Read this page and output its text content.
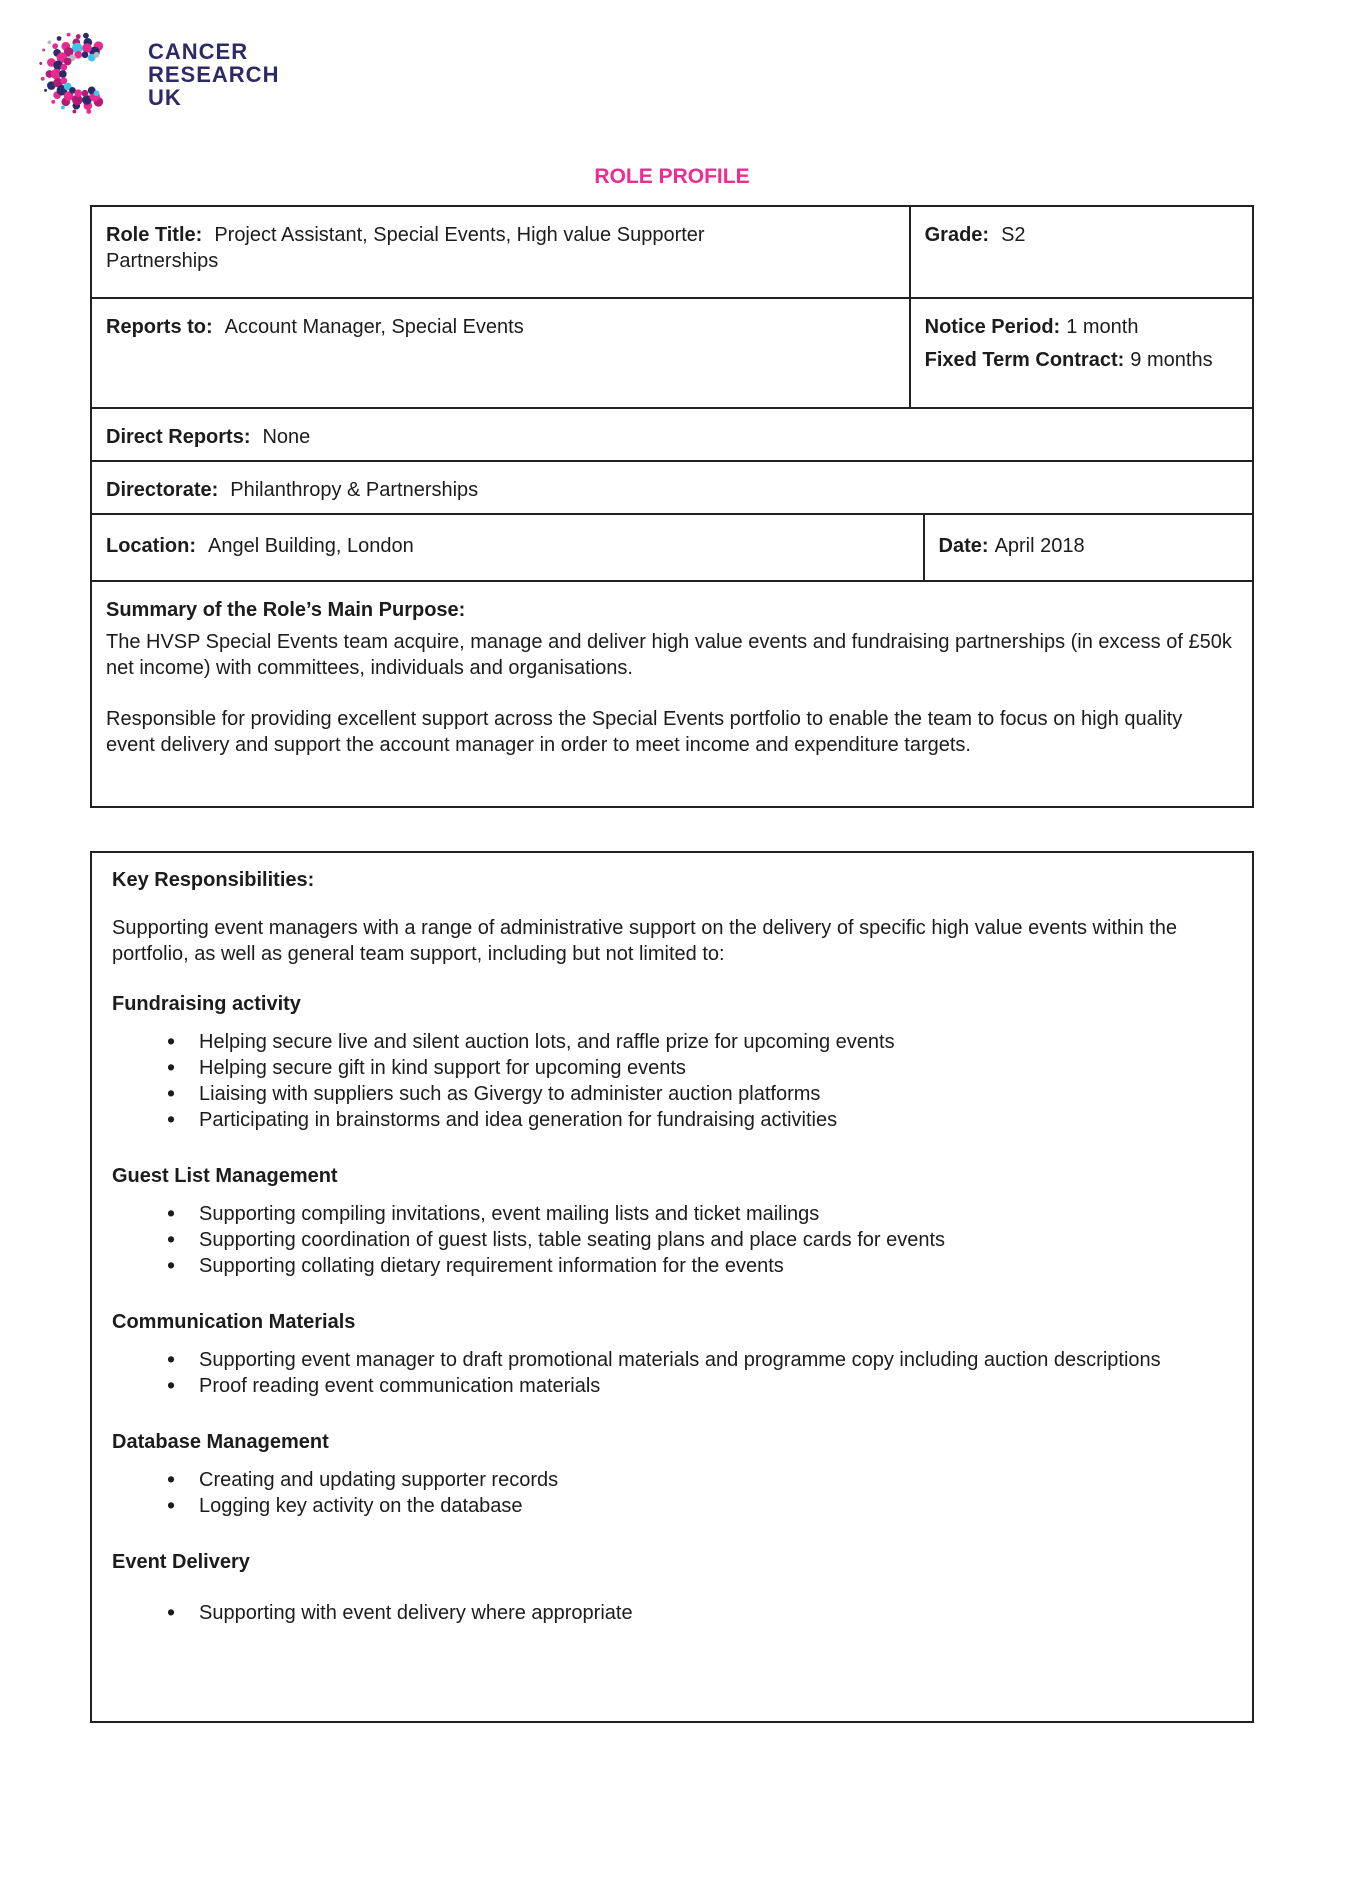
CANCER
RESEARCH
UK
ROLE PROFILE

Role Title: Project Assistant, Special Events, High value Supporter Partnerships

Grade: S2

Reports to: Account Manager, Special Events	Notice Period: 1 month

Fixed Term Contract: 9 months

Direct Reports: None

Directorate: Philanthropy & Partnerships

Location: Angel Building, London	Date: April 2018

Summary of the Role’s Main Purpose:

The HVSP Special Events team acquire, manage and deliver high value events and fundraising partnerships (in excess of £50k net income) with committees, individuals and organisations.

Responsible for providing excellent support across the Special Events portfolio to enable the team to focus on high quality event delivery and support the account manager in order to meet income and expenditure targets.

Key Responsibilities:

Supporting event managers with a range of administrative support on the delivery of specific high value events within the portfolio, as well as general team support, including but not limited to:

Fundraising activity

• Helping secure live and silent auction lots, and raffle prize for upcoming events
• Helping secure gift in kind support for upcoming events
• Liaising with suppliers such as Givergy to administer auction platforms
• Participating in brainstorms and idea generation for fundraising activities

Guest List Management

• Supporting compiling invitations, event mailing lists and ticket mailings
• Supporting coordination of guest lists, table seating plans and place cards for events
• Supporting collating dietary requirement information for the events

Communication Materials

• Supporting event manager to draft promotional materials and programme copy including auction descriptions
• Proof reading event communication materials

Database Management

• Creating and updating supporter records
• Logging key activity on the database

Event Delivery

• Supporting with event delivery where appropriate
